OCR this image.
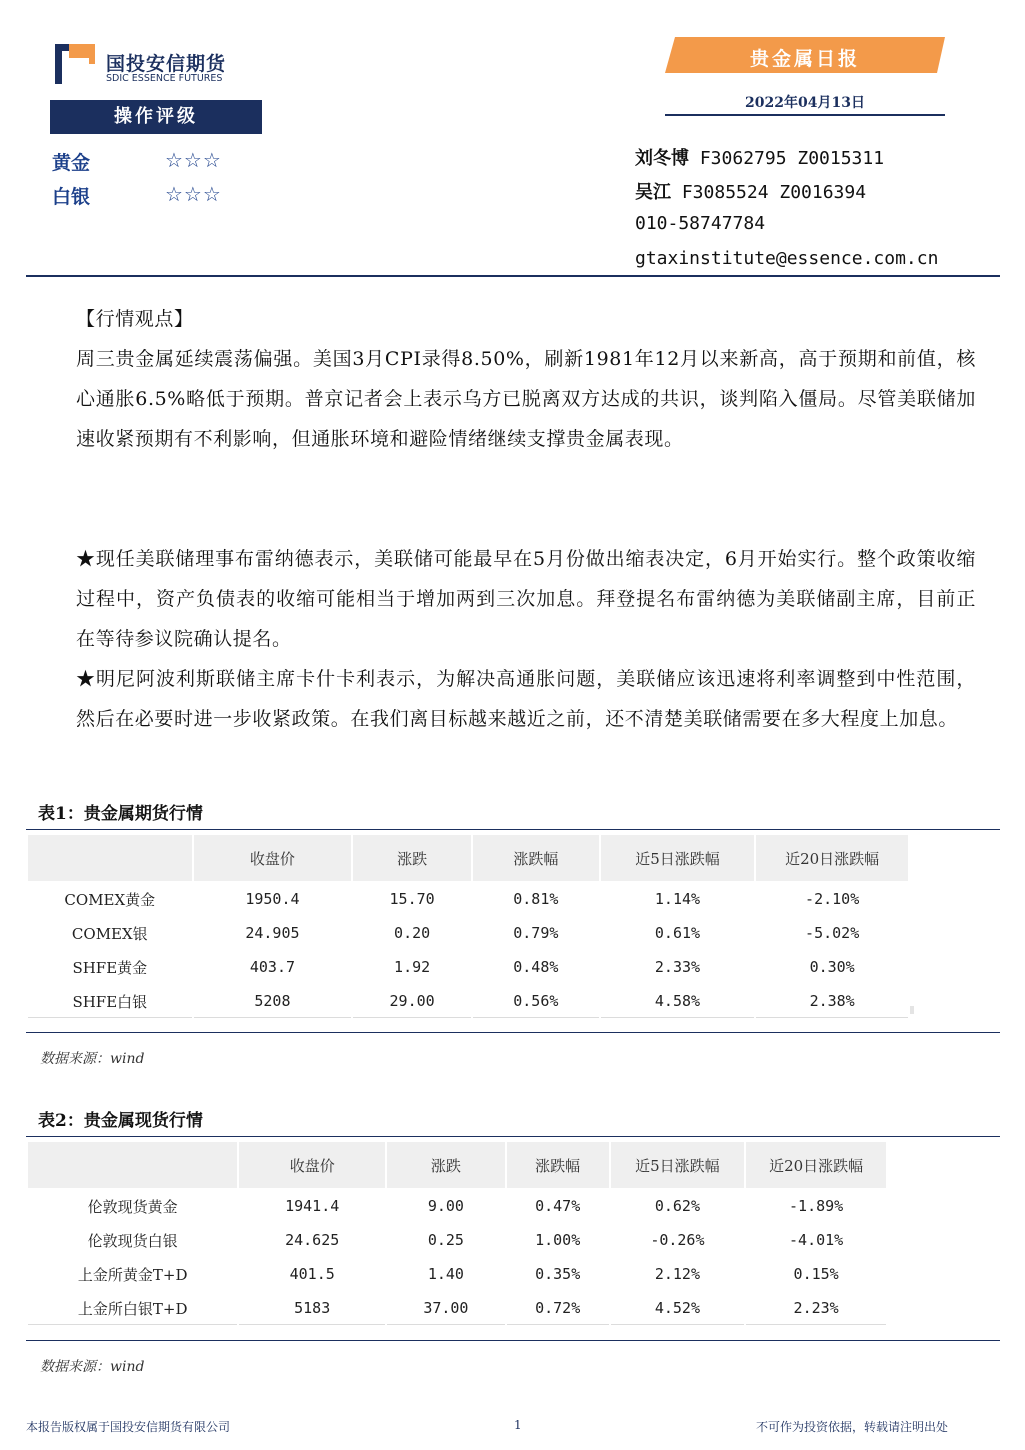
国投安信期货
SDIC ESSENCE FUTURES
贵金属日报
2022年04月13日
操作评级
黄金	☆☆☆
白银	☆☆☆
刘冬博 F3062795 Z0015311
吴江 F3085524 Z0016394
010-58747784
gtaxinstitute@essence.com.cn
【行情观点】
周三贵金属延续震荡偏强。美国3月CPI录得8.50%，刷新1981年12月以来新高，高于预期和前值，核心通胀6.5%略低于预期。普京记者会上表示乌方已脱离双方达成的共识，谈判陷入僵局。尽管美联储加速收紧预期有不利影响，但通胀环境和避险情绪继续支撑贵金属表现。
★现任美联储理事布雷纳德表示，美联储可能最早在5月份做出缩表决定，6月开始实行。整个政策收缩过程中，资产负债表的收缩可能相当于增加两到三次加息。拜登提名布雷纳德为美联储副主席，目前正在等待参议院确认提名。
★明尼阿波利斯联储主席卡什卡利表示，为解决高通胀问题，美联储应该迅速将利率调整到中性范围，然后在必要时进一步收紧政策。在我们离目标越来越近之前，还不清楚美联储需要在多大程度上加息。
表1：贵金属期货行情
	收盘价	涨跌	涨跌幅	近5日涨跌幅	近20日涨跌幅
COMEX黄金	1950.4	15.70	0.81%	1.14%	-2.10%
COMEX银	24.905	0.20	0.79%	0.61%	-5.02%
SHFE黄金	403.7	1.92	0.48%	2.33%	0.30%
SHFE白银	5208	29.00	0.56%	4.58%	2.38%
数据来源：wind
表2：贵金属现货行情
	收盘价	涨跌	涨跌幅	近5日涨跌幅	近20日涨跌幅
伦敦现货黄金	1941.4	9.00	0.47%	0.62%	-1.89%
伦敦现货白银	24.625	0.25	1.00%	-0.26%	-4.01%
上金所黄金T+D	401.5	1.40	0.35%	2.12%	0.15%
上金所白银T+D	5183	37.00	0.72%	4.52%	2.23%
数据来源：wind
本报告版权属于国投安信期货有限公司	1	不可作为投资依据，转载请注明出处
